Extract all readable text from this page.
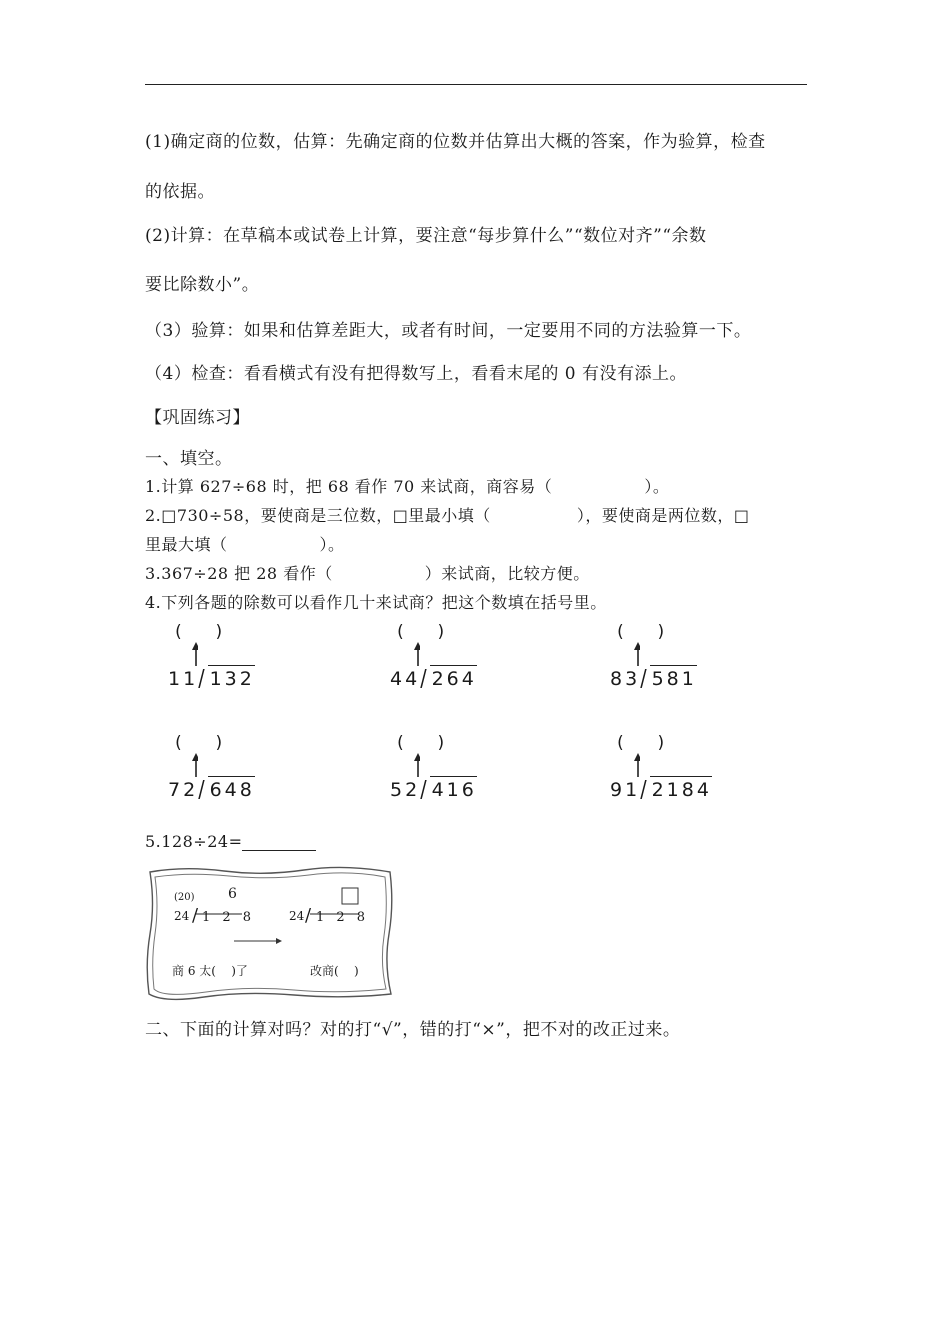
(1)确定商的位数，估算：先确定商的位数并估算出大概的答案，作为验算，检查
的依据。
(2)计算：在草稿本或试卷上计算，要注意“每步算什么”“数位对齐”“余数
要比除数小”。
（3）验算：如果和估算差距大，或者有时间，一定要用不同的方法验算一下。
（4）检查：看看横式有没有把得数写上，看看末尾的 0 有没有添上。
【巩固练习】
一、填空。
1.计算 627÷68 时，把 68 看作 70 来试商，商容易（	）。
2.□730÷58，要使商是三位数，□里最小填（	），要使商是两位数，□
里最大填（	）。
3.367÷28 把 28 看作（	）来试商，比较方便。
4.下列各题的除数可以看作几十来试商？把这个数填在括号里。
(   )
11/ 132
(   )
44/ 264
(   )
83/ 581
(   )
72/ 648
(   )
52/ 416
(   )
91/ 2184
5.128÷24=
(20) 6
24 / 1 2 8	24 / 1 2 8
商 6 太(    )了	改商(    )
二、下面的计算对吗？对的打“√”，错的打“×”，把不对的改正过来。
